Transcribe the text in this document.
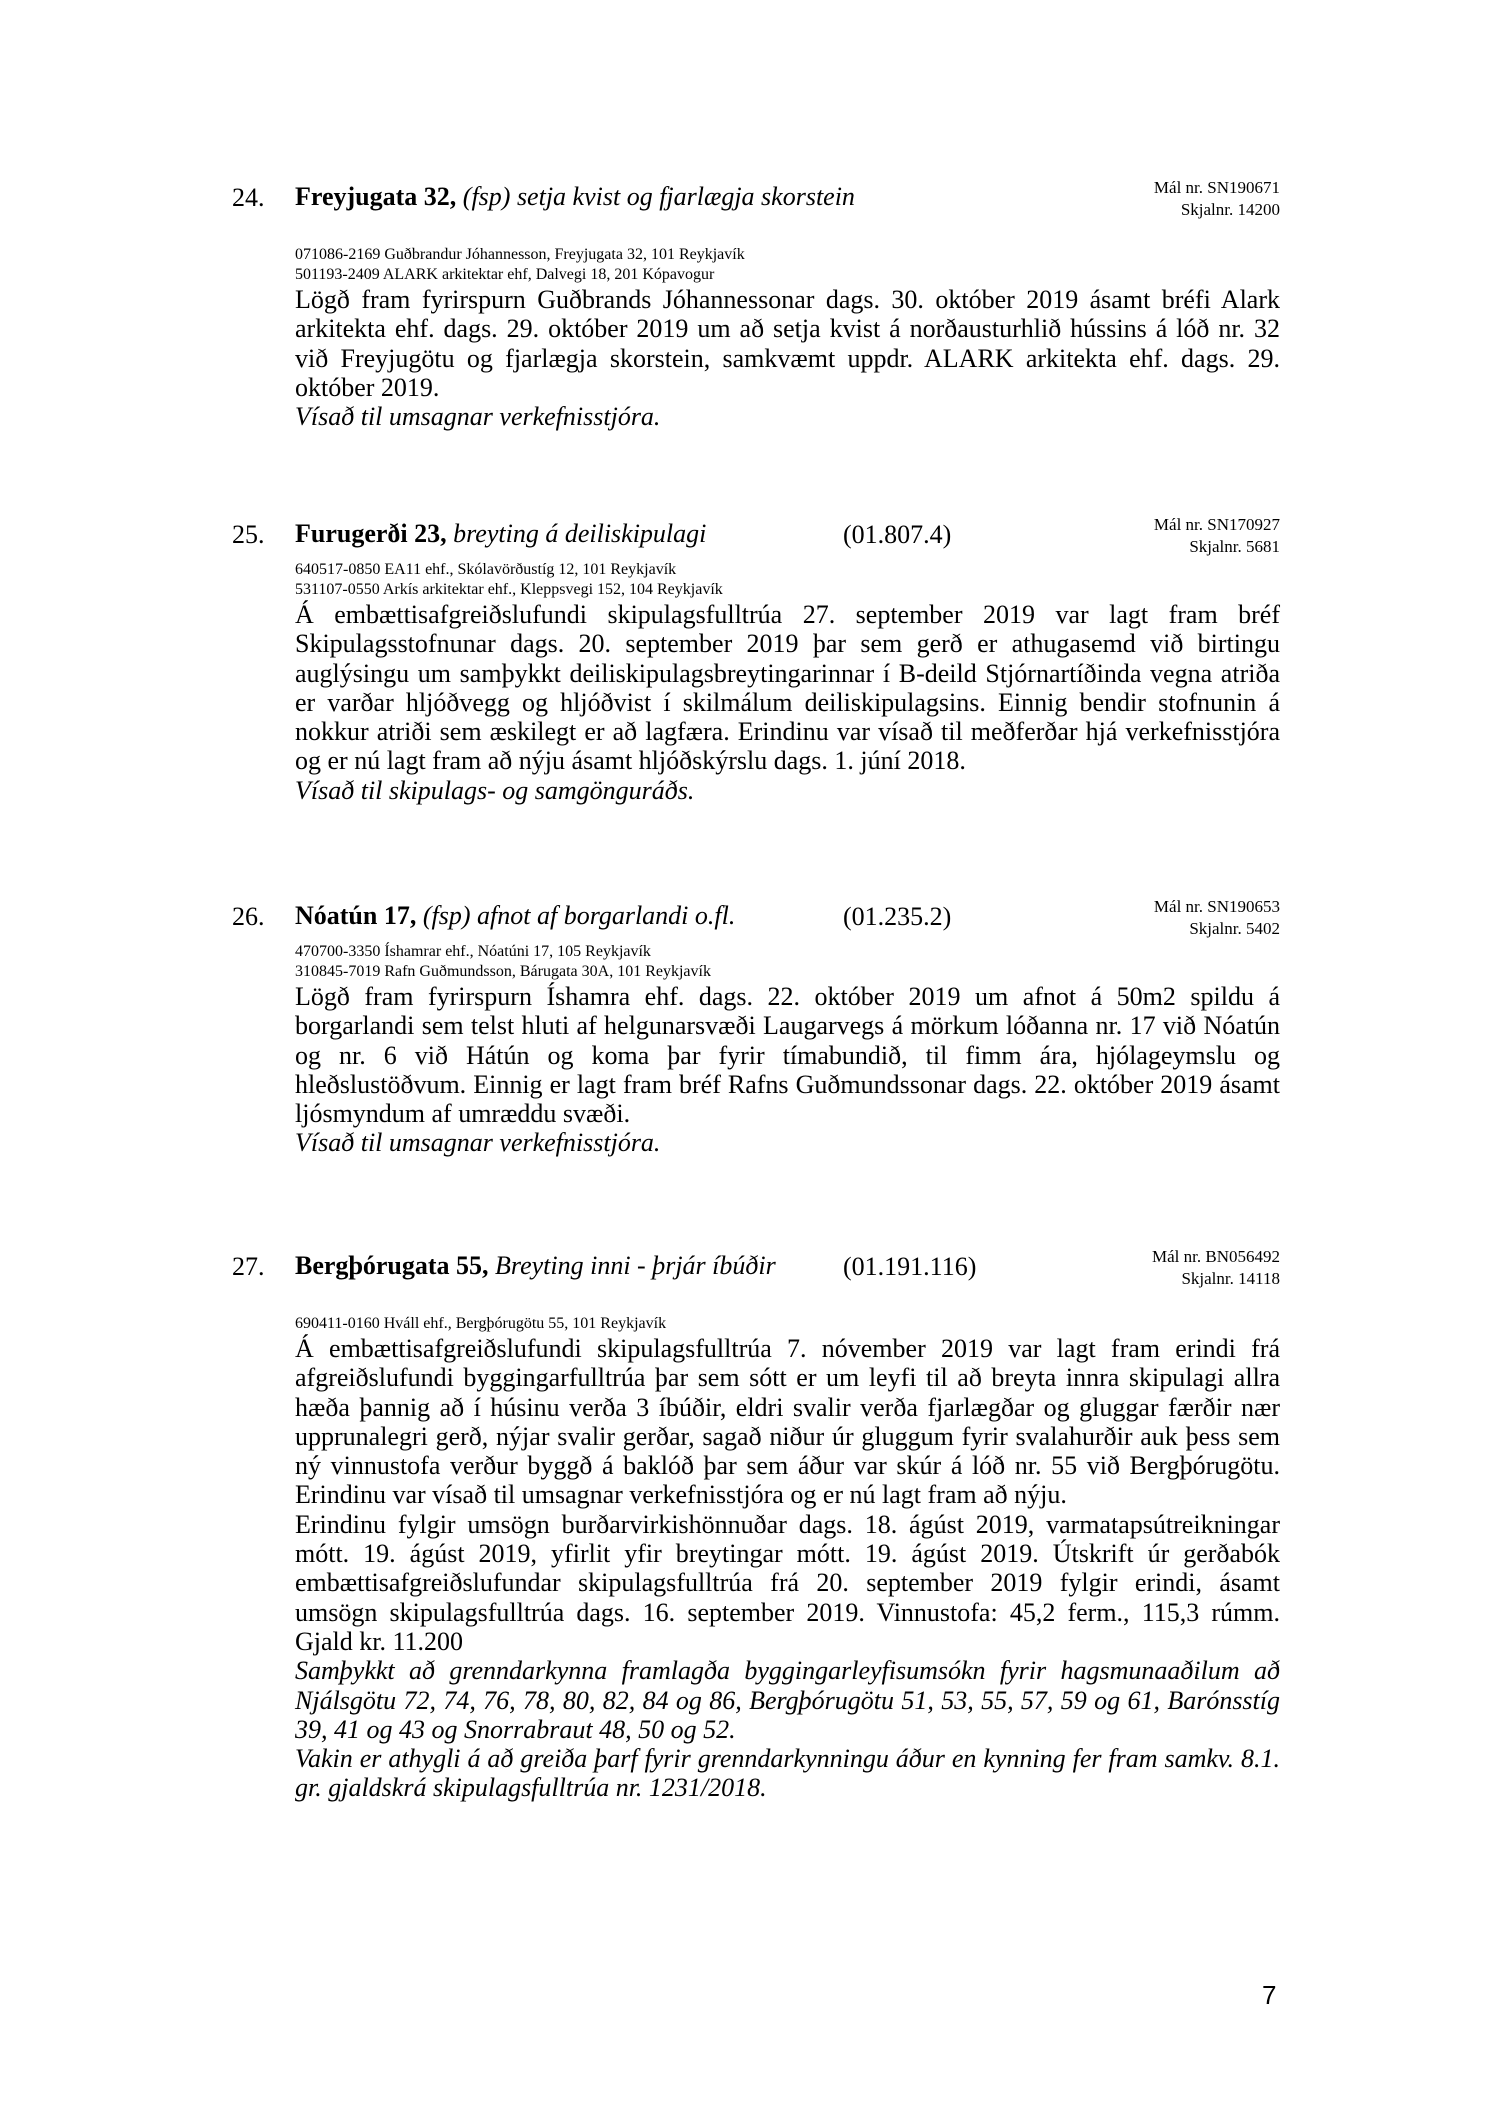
24. Freyjugata 32, (fsp) setja kvist og fjarlægja skorstein	Mál nr. SN190671
Skjalnr. 14200
071086-2169 Guðbrandur Jóhannesson, Freyjugata 32, 101 Reykjavík
501193-2409 ALARK arkitektar ehf, Dalvegi 18, 201 Kópavogur

Lögð fram fyrirspurn Guðbrands Jóhannessonar dags. 30. október 2019 ásamt bréfi Alark arkitekta ehf. dags. 29. október 2019 um að setja kvist á norðausturhlið hússins á lóð nr. 32 við Freyjugötu og fjarlægja skorstein, samkvæmt uppdr. ALARK arkitekta ehf. dags. 29. október 2019.

Vísað til umsagnar verkefnisstjóra.

25. Furugerði 23, breyting á deiliskipulagi	(01.807.4)	Mál nr. SN170927
Skjalnr. 5681
640517-0850 EA11 ehf., Skólavörðustíg 12, 101 Reykjavík
531107-0550 Arkís arkitektar ehf., Kleppsvegi 152, 104 Reykjavík

Á embættisafgreiðslufundi skipulagsfulltrúa 27. september 2019 var lagt fram bréf Skipulagsstofnunar dags. 20. september 2019 þar sem gerð er athugasemd við birtingu auglýsingu um samþykkt deiliskipulagsbreytingarinnar í B-deild Stjórnartíðinda vegna atriða er varðar hljóðvegg og hljóðvist í skilmálum deiliskipulagsins. Einnig bendir stofnunin á nokkur atriði sem æskilegt er að lagfæra. Erindinu var vísað til meðferðar hjá verkefnisstjóra og er nú lagt fram að nýju ásamt hljóðskýrslu dags. 1. júní 2018.

Vísað til skipulags- og samgönguráðs.

26. Nóatún 17, (fsp) afnot af borgarlandi o.fl.	(01.235.2)	Mál nr. SN190653
Skjalnr. 5402
470700-3350 Íshamrar ehf., Nóatúni 17, 105 Reykjavík
310845-7019 Rafn Guðmundsson, Bárugata 30A, 101 Reykjavík

Lögð fram fyrirspurn Íshamra ehf. dags. 22. október 2019 um afnot á 50m2 spildu á borgarlandi sem telst hluti af helgunarsvæði Laugarvegs á mörkum lóðanna nr. 17 við Nóatún og nr. 6 við Hátún og koma þar fyrir tímabundið, til fimm ára, hjólageymslu og hleðslustöðvum. Einnig er lagt fram bréf Rafns Guðmundssonar dags. 22. október 2019 ásamt ljósmyndum af umræddu svæði.

Vísað til umsagnar verkefnisstjóra.

27. Bergþórugata 55, Breyting inni - þrjár íbúðir	(01.191.116)	Mál nr. BN056492
Skjalnr. 14118
690411-0160 Hváll ehf., Bergþórugötu 55, 101 Reykjavík

Á embættisafgreiðslufundi skipulagsfulltrúa 7. nóvember 2019 var lagt fram erindi frá afgreiðslufundi byggingarfulltrúa þar sem sótt er um leyfi til að breyta innra skipulagi allra hæða þannig að í húsinu verða 3 íbúðir, eldri svalir verða fjarlægðar og gluggar færðir nær upprunalegri gerð, nýjar svalir gerðar, sagað niður úr gluggum fyrir svalahurðir auk þess sem ný vinnustofa verður byggð á baklóð þar sem áður var skúr á lóð nr. 55 við Bergþórugötu. Erindinu var vísað til umsagnar verkefnisstjóra og er nú lagt fram að nýju.

Erindinu fylgir umsögn burðarvirkishönnuðar dags. 18. ágúst 2019, varmatapsútreikningar mótt. 19. ágúst 2019, yfirlit yfir breytingar mótt. 19. ágúst 2019. Útskrift úr gerðabók embættisafgreiðslufundar skipulagsfulltrúa frá 20. september 2019 fylgir erindi, ásamt umsögn skipulagsfulltrúa dags. 16. september 2019. Vinnustofa: 45,2 ferm., 115,3 rúmm. Gjald kr. 11.200

Samþykkt að grenndarkynna framlagða byggingarleyfisumsókn fyrir hagsmunaaðilum að Njálsgötu 72, 74, 76, 78, 80, 82, 84 og 86, Bergþórugötu 51, 53, 55, 57, 59 og 61, Barónsstíg 39, 41 og 43 og Snorrabraut 48, 50 og 52.

Vakin er athygli á að greiða þarf fyrir grenndarkynningu áður en kynning fer fram samkv. 8.1. gr. gjaldskrá skipulagsfulltrúa nr. 1231/2018.

7
